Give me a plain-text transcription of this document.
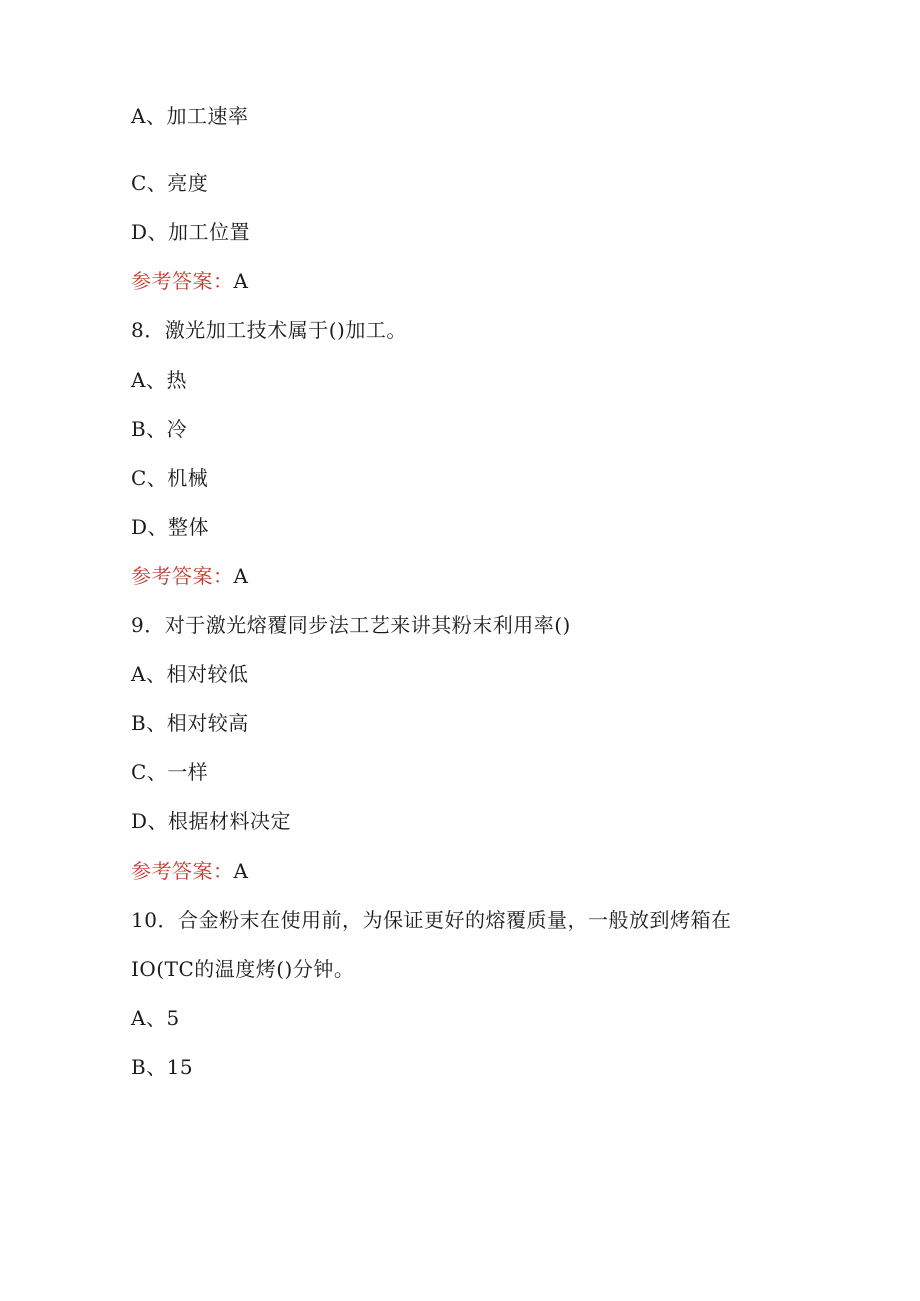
A、加工速率
C、亮度
D、加工位置
参考答案：A
8．激光加工技术属于()加工。
A、热
B、冷
C、机械
D、整体
参考答案：A
9．对于激光熔覆同步法工艺来讲其粉末利用率()
A、相对较低
B、相对较高
C、一样
D、根据材料决定
参考答案：A
10．合金粉末在使用前，为保证更好的熔覆质量，一般放到烤箱在
IO(TC的温度烤()分钟。
A、5
B、15
